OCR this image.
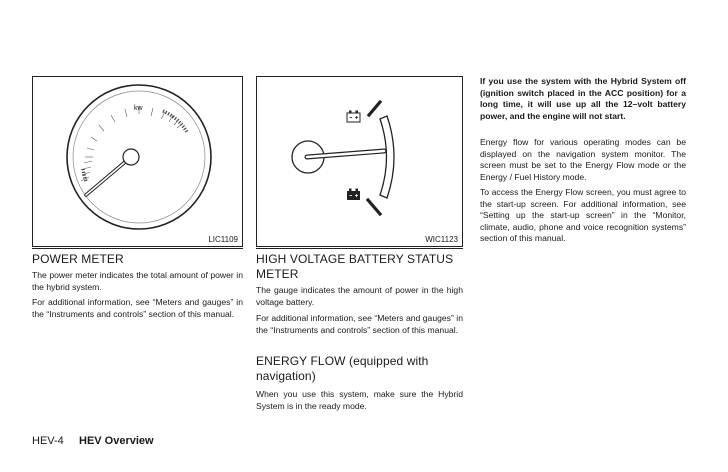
kw
LIC1109	WIC1123
POWER METER

The power meter indicates the total amount of power in the hybrid system.

For additional information, see “Meters and gauges” in the “Instruments and controls” section of this manual.

HIGH VOLTAGE BATTERY STATUS METER

The gauge indicates the amount of power in the high voltage battery.

For additional information, see “Meters and gauges” in the “Instruments and controls” section of this manual.

ENERGY FLOW (equipped with navigation)

When you use this system, make sure the Hybrid System is in the ready mode.

If you use the system with the Hybrid System off (ignition switch placed in the ACC position) for a long time, it will use up all the 12–volt battery power, and the engine will not start.

Energy flow for various operating modes can be displayed on the navigation system monitor. The screen must be set to the Energy Flow mode or the Energy / Fuel History mode.

To access the Energy Flow screen, you must agree to the start-up screen. For additional information, see “Setting up the start-up screen” in the “Monitor, climate, audio, phone and voice recognition systems” section of this manual.

HEV-4 HEV Overview
